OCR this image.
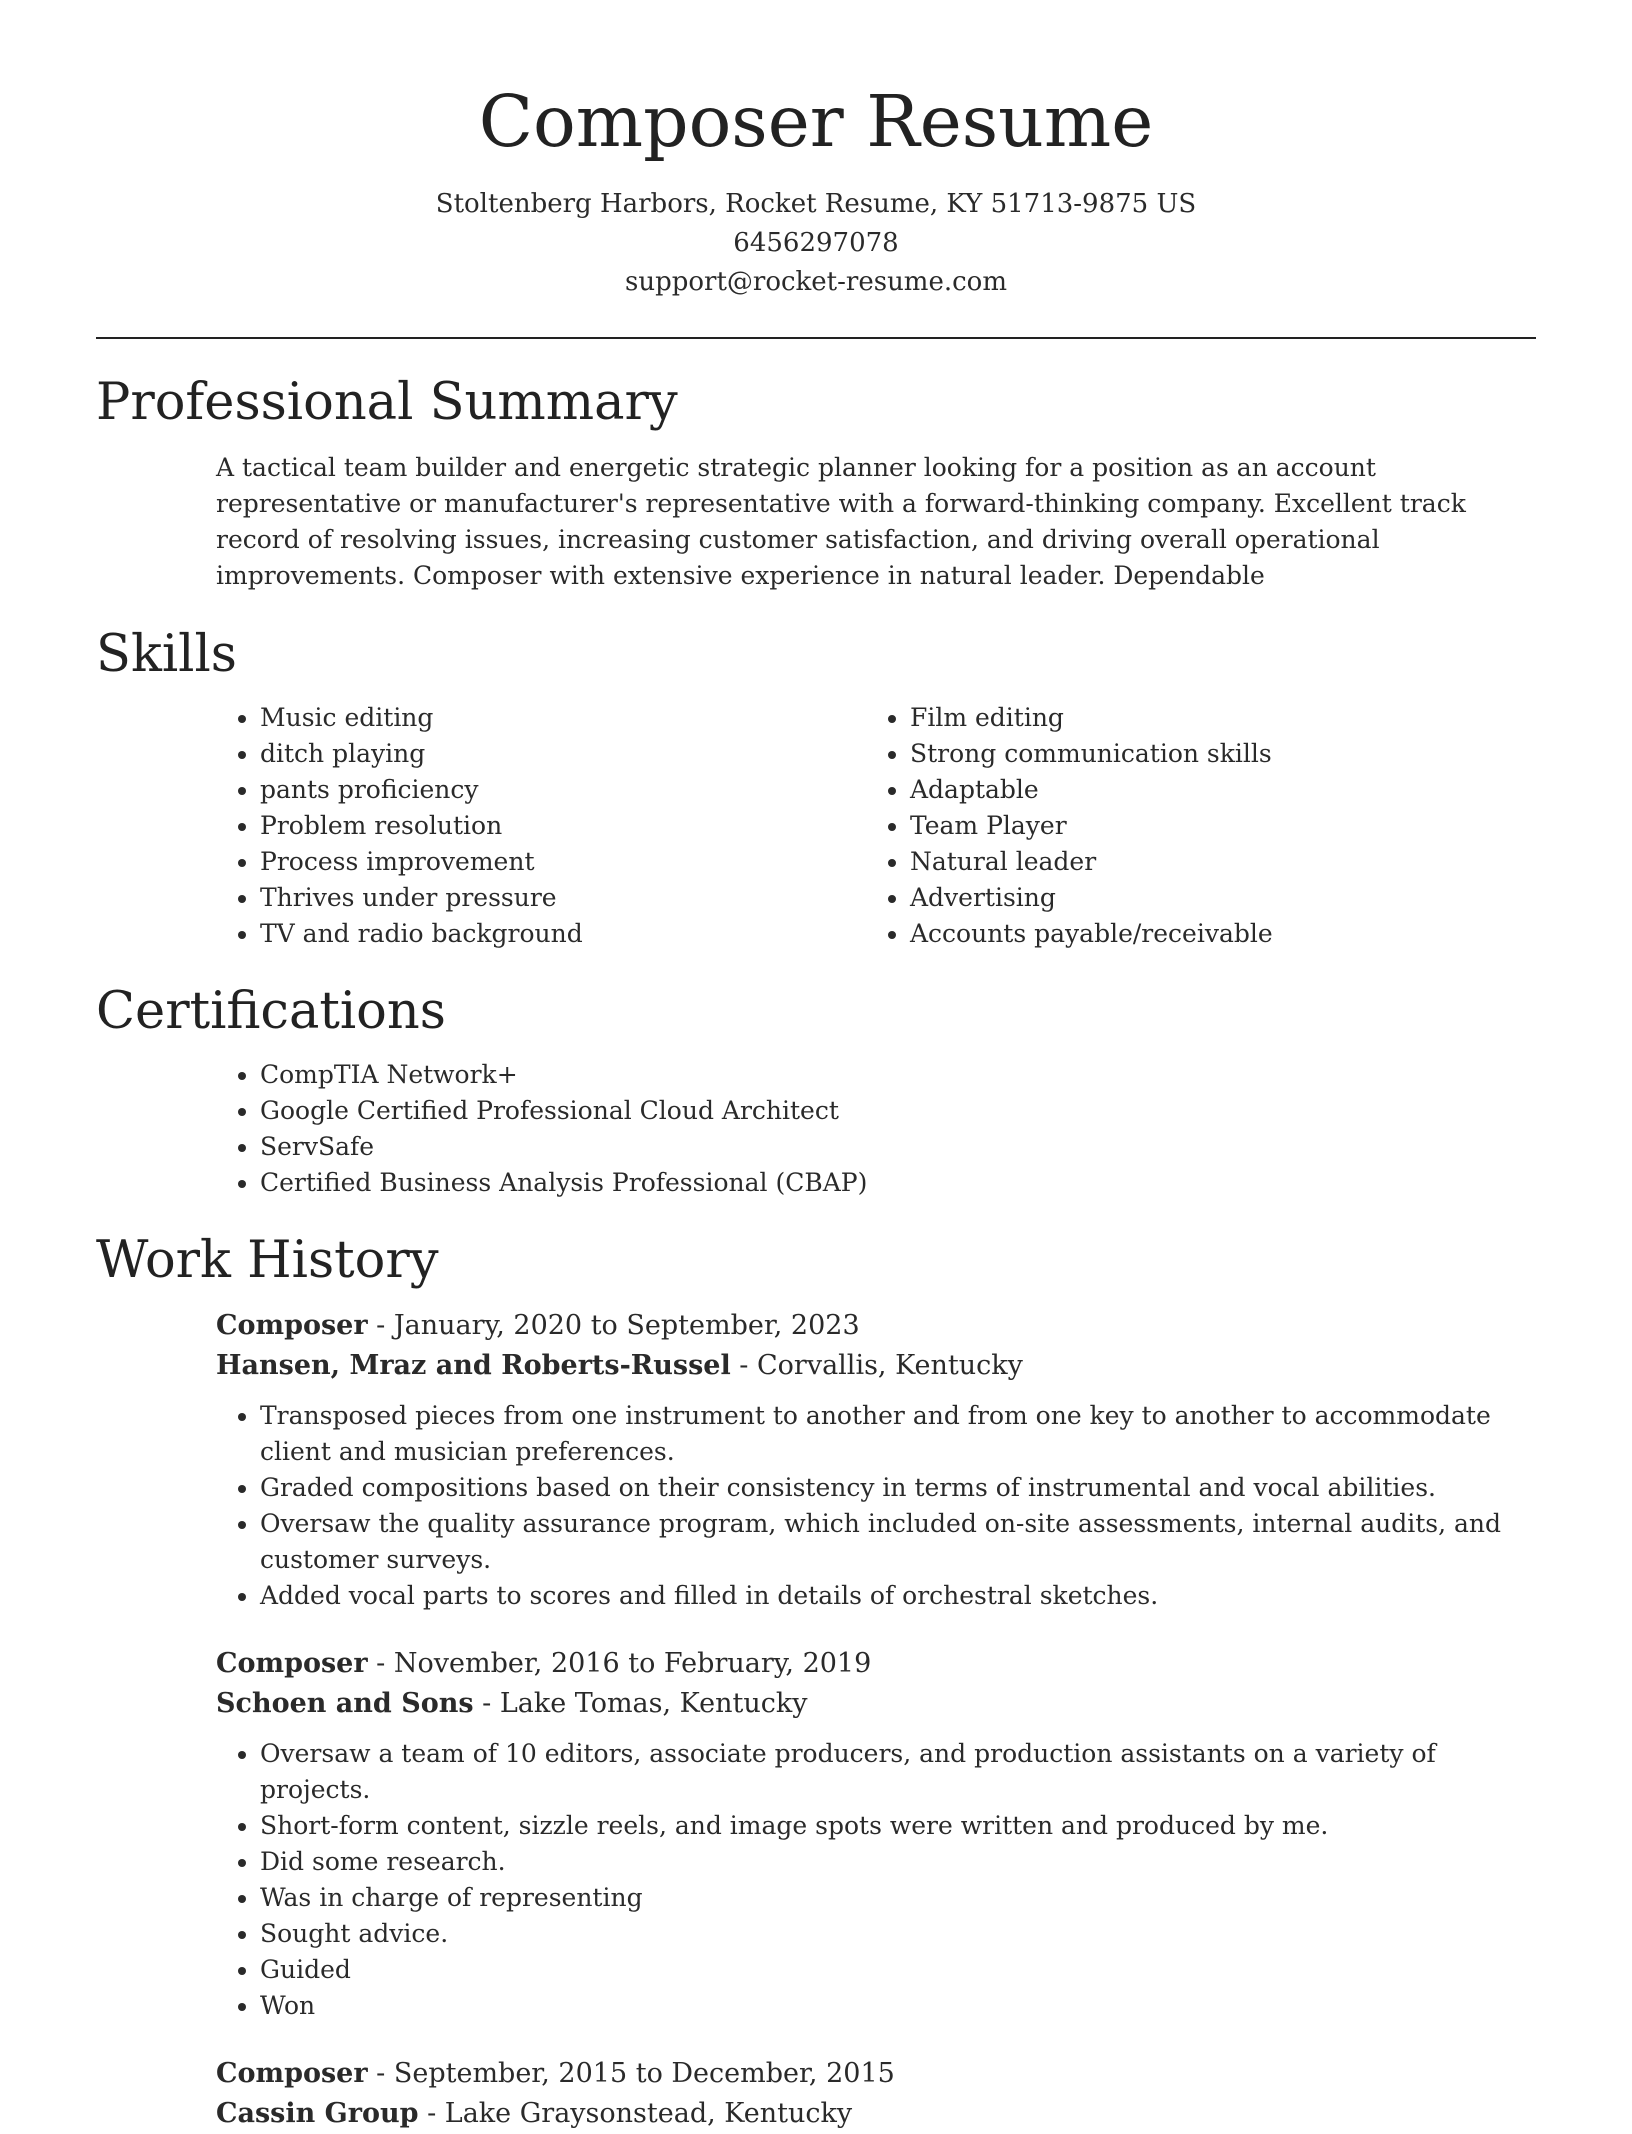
Composer Resume
Stoltenberg Harbors, Rocket Resume, KY 51713-9875 US
6456297078
support@rocket-resume.com
Professional Summary

A tactical team builder and energetic strategic planner looking for a position as an account representative or manufacturer's representative with a forward-thinking company. Excellent track record of resolving issues, increasing customer satisfaction, and driving overall operational improvements. Composer with extensive experience in natural leader. Dependable

Skills
• Music editing
• ditch playing
• pants proficiency
• Problem resolution
• Process improvement
• Thrives under pressure
• TV and radio background
• Film editing
• Strong communication skills
• Adaptable
• Team Player
• Natural leader
• Advertising
• Accounts payable/receivable
Certifications
• CompTIA Network+
• Google Certified Professional Cloud Architect
• ServSafe
• Certified Business Analysis Professional (CBAP)
Work History
Composer - January, 2020 to September, 2023
Hansen, Mraz and Roberts-Russel - Corvallis, Kentucky
• Transposed pieces from one instrument to another and from one key to another to accommodate client and musician preferences.
• Graded compositions based on their consistency in terms of instrumental and vocal abilities.
• Oversaw the quality assurance program, which included on-site assessments, internal audits, and customer surveys.
• Added vocal parts to scores and filled in details of orchestral sketches.
Composer - November, 2016 to February, 2019
Schoen and Sons - Lake Tomas, Kentucky
• Oversaw a team of 10 editors, associate producers, and production assistants on a variety of projects.
• Short-form content, sizzle reels, and image spots were written and produced by me.
• Did some research.
• Was in charge of representing
• Sought advice.
• Guided
• Won
Composer - September, 2015 to December, 2015
Cassin Group - Lake Graysonstead, Kentucky
